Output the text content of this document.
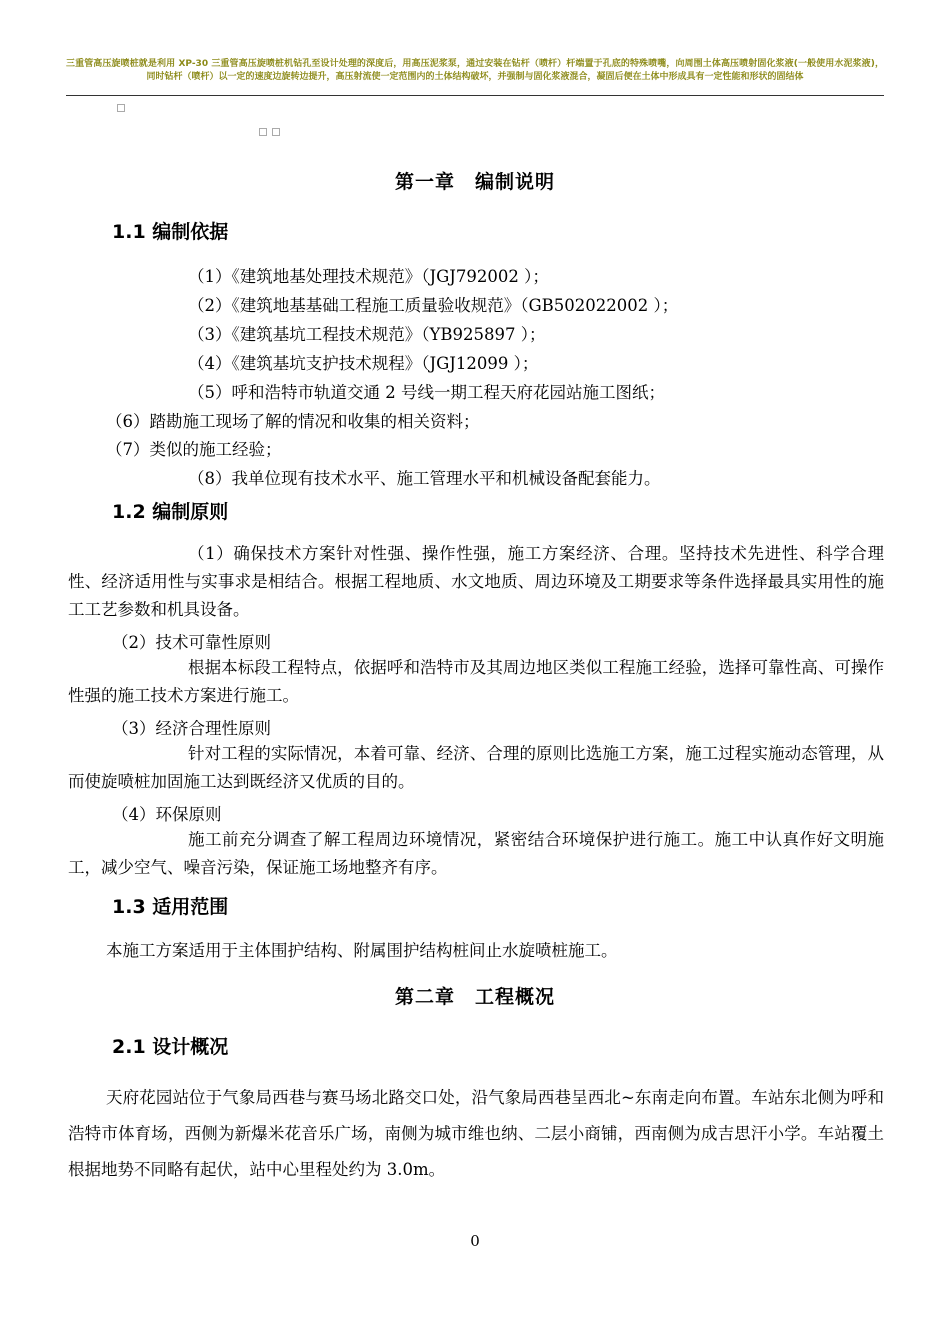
三重管高压旋喷桩就是利用 XP-30 三重管高压旋喷桩机钻孔至设计处理的深度后，用高压泥浆泵，通过安装在钻杆（喷杆）杆端置于孔底的特殊喷嘴，向周围土体高压喷射固化浆液(一般使用水泥浆液)，同时钻杆（喷杆）以一定的速度边旋转边提升，高压射流使一定范围内的土体结构破坏，并强制与固化浆液混合，凝固后便在土体中形成具有一定性能和形状的固结体
第一章　编制说明
1.1 编制依据
（1）《建筑地基处理技术规范》（JGJ792002 ）；
（2）《建筑地基基础工程施工质量验收规范》（GB502022002 ）；
（3）《建筑基坑工程技术规范》（YB925897 ）；
（4）《建筑基坑支护技术规程》（JGJ12099 ）；
（5）呼和浩特市轨道交通 2 号线一期工程天府花园站施工图纸；
（6）踏勘施工现场了解的情况和收集的相关资料；
（7）类似的施工经验；
（8）我单位现有技术水平、施工管理水平和机械设备配套能力。
1.2 编制原则
（1）确保技术方案针对性强、操作性强，施工方案经济、合理。坚持技术先进性、科学合理性、经济适用性与实事求是相结合。根据工程地质、水文地质、周边环境及工期要求等条件选择最具实用性的施工工艺参数和机具设备。
（2）技术可靠性原则
根据本标段工程特点，依据呼和浩特市及其周边地区类似工程施工经验，选择可靠性高、可操作性强的施工技术方案进行施工。
（3）经济合理性原则
针对工程的实际情况，本着可靠、经济、合理的原则比选施工方案，施工过程实施动态管理，从而使旋喷桩加固施工达到既经济又优质的目的。
（4）环保原则
施工前充分调查了解工程周边环境情况，紧密结合环境保护进行施工。施工中认真作好文明施工，减少空气、噪音污染，保证施工场地整齐有序。
1.3 适用范围
本施工方案适用于主体围护结构、附属围护结构桩间止水旋喷桩施工。
第二章　工程概况
2.1 设计概况
天府花园站位于气象局西巷与赛马场北路交口处，沿气象局西巷呈西北~东南走向布置。车站东北侧为呼和浩特市体育场，西侧为新爆米花音乐广场，南侧为城市维也纳、二层小商铺，西南侧为成吉思汗小学。车站覆土根据地势不同略有起伏，站中心里程处约为 3.0m。
0
